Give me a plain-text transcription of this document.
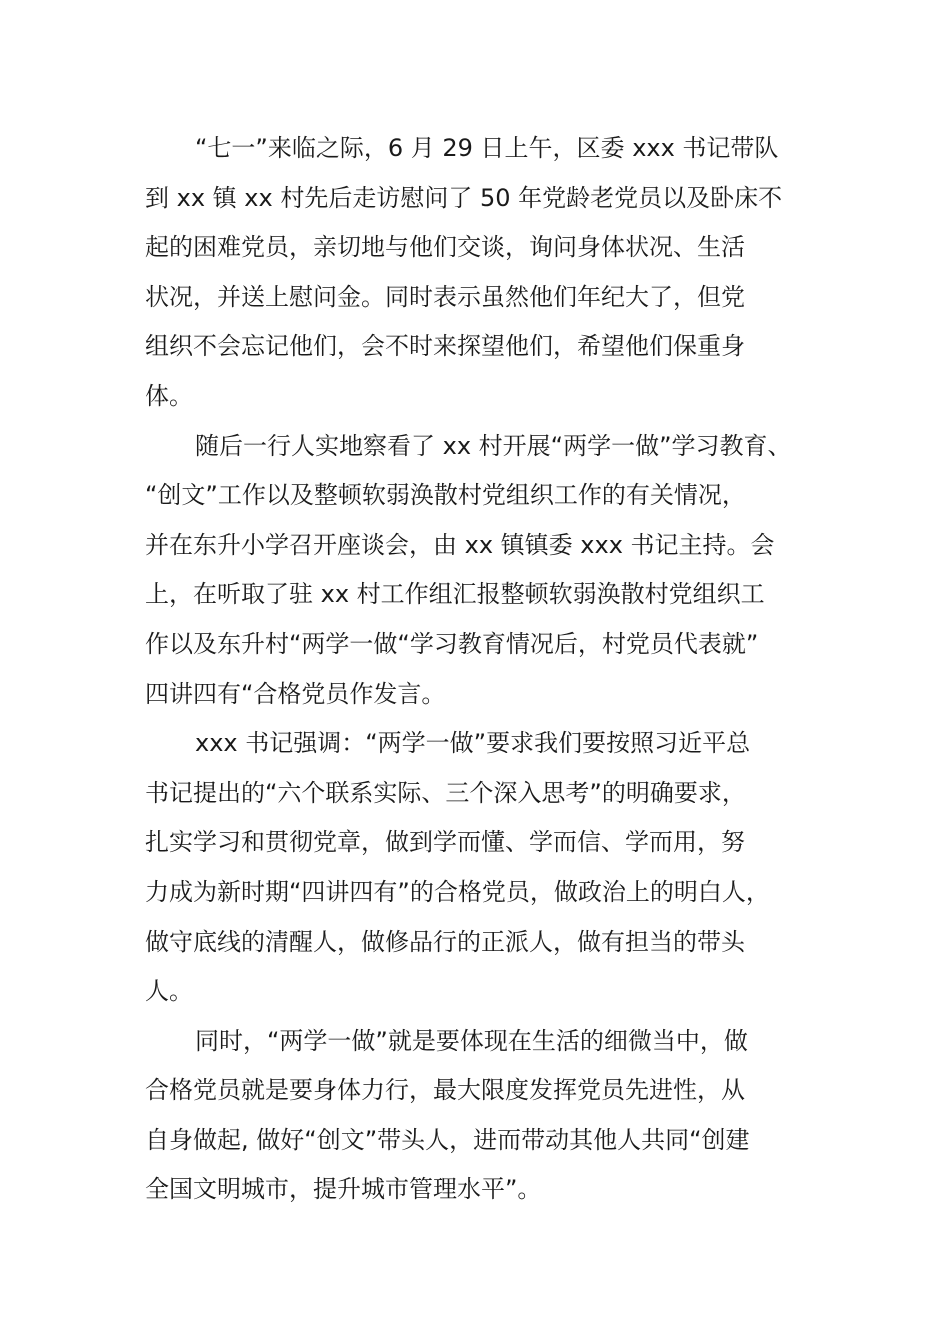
“七一”来临之际，6 月 29 日上午，区委 xxx 书记带队
到 xx 镇 xx 村先后走访慰问了 50 年党龄老党员以及卧床不
起的困难党员，亲切地与他们交谈，询问身体状况、生活
状况，并送上慰问金。同时表示虽然他们年纪大了，但党
组织不会忘记他们，会不时来探望他们，希望他们保重身
体。
随后一行人实地察看了 xx 村开展“两学一做”学习教育、
“创文”工作以及整顿软弱涣散村党组织工作的有关情况，
并在东升小学召开座谈会，由 xx 镇镇委 xxx 书记主持。会
上，在听取了驻 xx 村工作组汇报整顿软弱涣散村党组织工
作以及东升村“两学一做“学习教育情况后，村党员代表就”
四讲四有“合格党员作发言。
xxx 书记强调：“两学一做”要求我们要按照习近平总
书记提出的“六个联系实际、三个深入思考”的明确要求，
扎实学习和贯彻党章，做到学而懂、学而信、学而用，努
力成为新时期“四讲四有”的合格党员，做政治上的明白人，
做守底线的清醒人，做修品行的正派人，做有担当的带头
人。
同时，“两学一做”就是要体现在生活的细微当中，做
合格党员就是要身体力行，最大限度发挥党员先进性，从
自身做起, 做好“创文”带头人，进而带动其他人共同“创建
全国文明城市，提升城市管理水平”。
